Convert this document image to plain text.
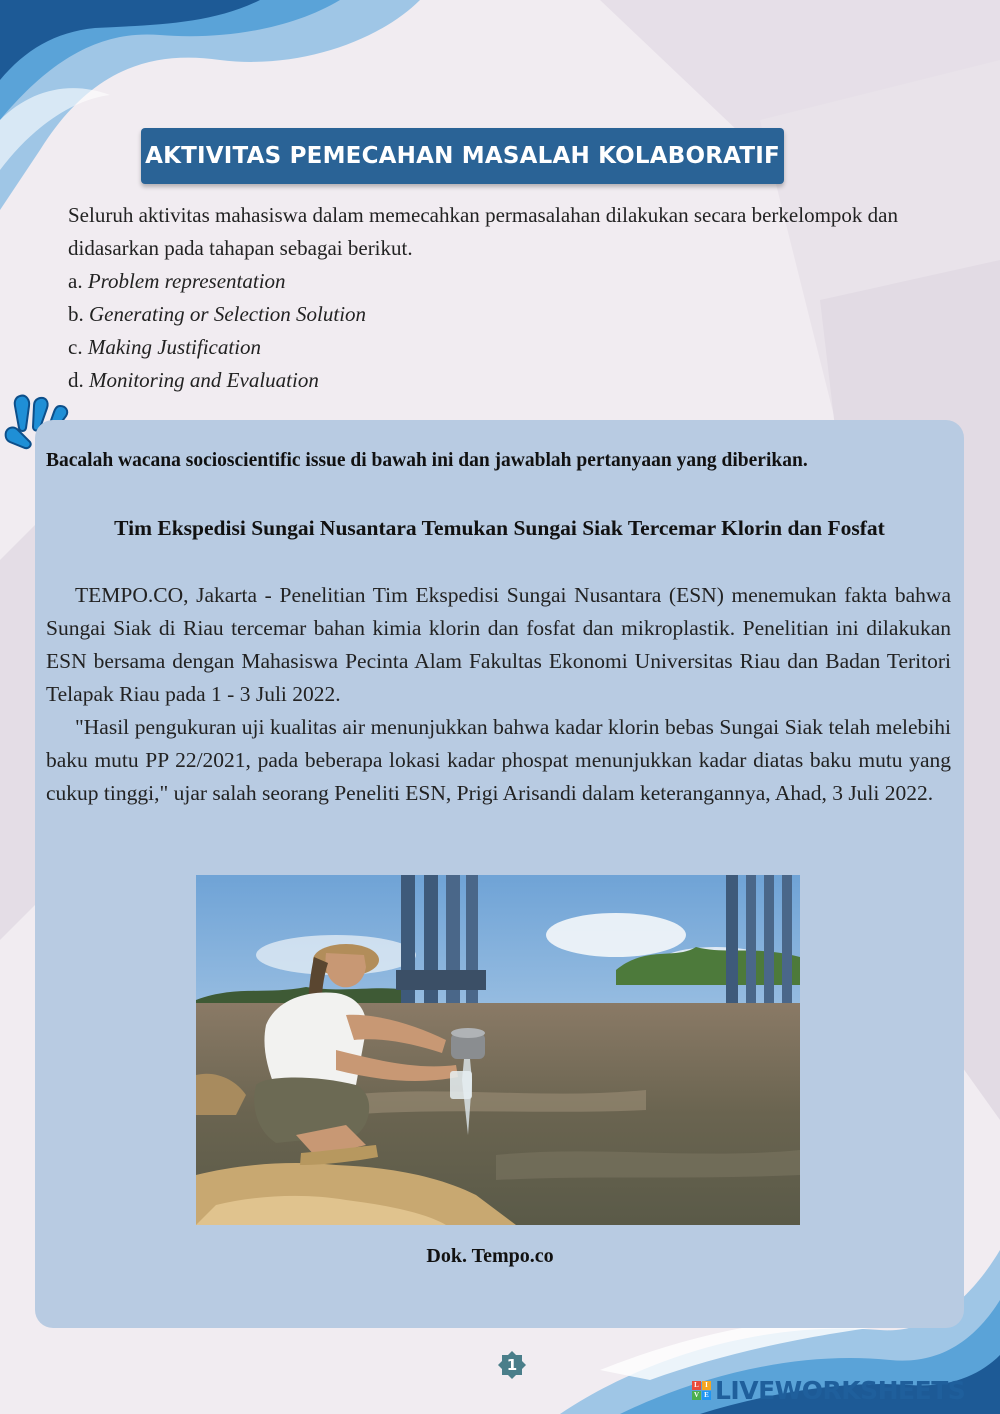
AKTIVITAS PEMECAHAN MASALAH KOLABORATIF

Seluruh aktivitas mahasiswa dalam memecahkan permasalahan dilakukan secara berkelompok dan didasarkan pada tahapan sebagai berikut.

a. Problem representation
b. Generating or Selection Solution
c. Making Justification
d. Monitoring and Evaluation
Bacalah wacana socioscientific issue di bawah ini dan jawablah pertanyaan yang diberikan.
Tim Ekspedisi Sungai Nusantara Temukan Sungai Siak Tercemar Klorin dan Fosfat

TEMPO.CO, Jakarta - Penelitian Tim Ekspedisi Sungai Nusantara (ESN) menemukan fakta bahwa Sungai Siak di Riau tercemar bahan kimia klorin dan fosfat dan mikroplastik. Penelitian ini dilakukan ESN bersama dengan Mahasiswa Pecinta Alam Fakultas Ekonomi Universitas Riau dan Badan Teritori Telapak Riau pada 1 - 3 Juli 2022.

"Hasil pengukuran uji kualitas air menunjukkan bahwa kadar klorin bebas Sungai Siak telah melebihi baku mutu PP 22/2021, pada beberapa lokasi kadar phospat menunjukkan kadar diatas baku mutu yang cukup tinggi," ujar salah seorang Peneliti ESN, Prigi Arisandi dalam keterangannya, Ahad, 3 Juli 2022.

Dok. Tempo.co
1
L I
V E LIVEWORKSHEETS
